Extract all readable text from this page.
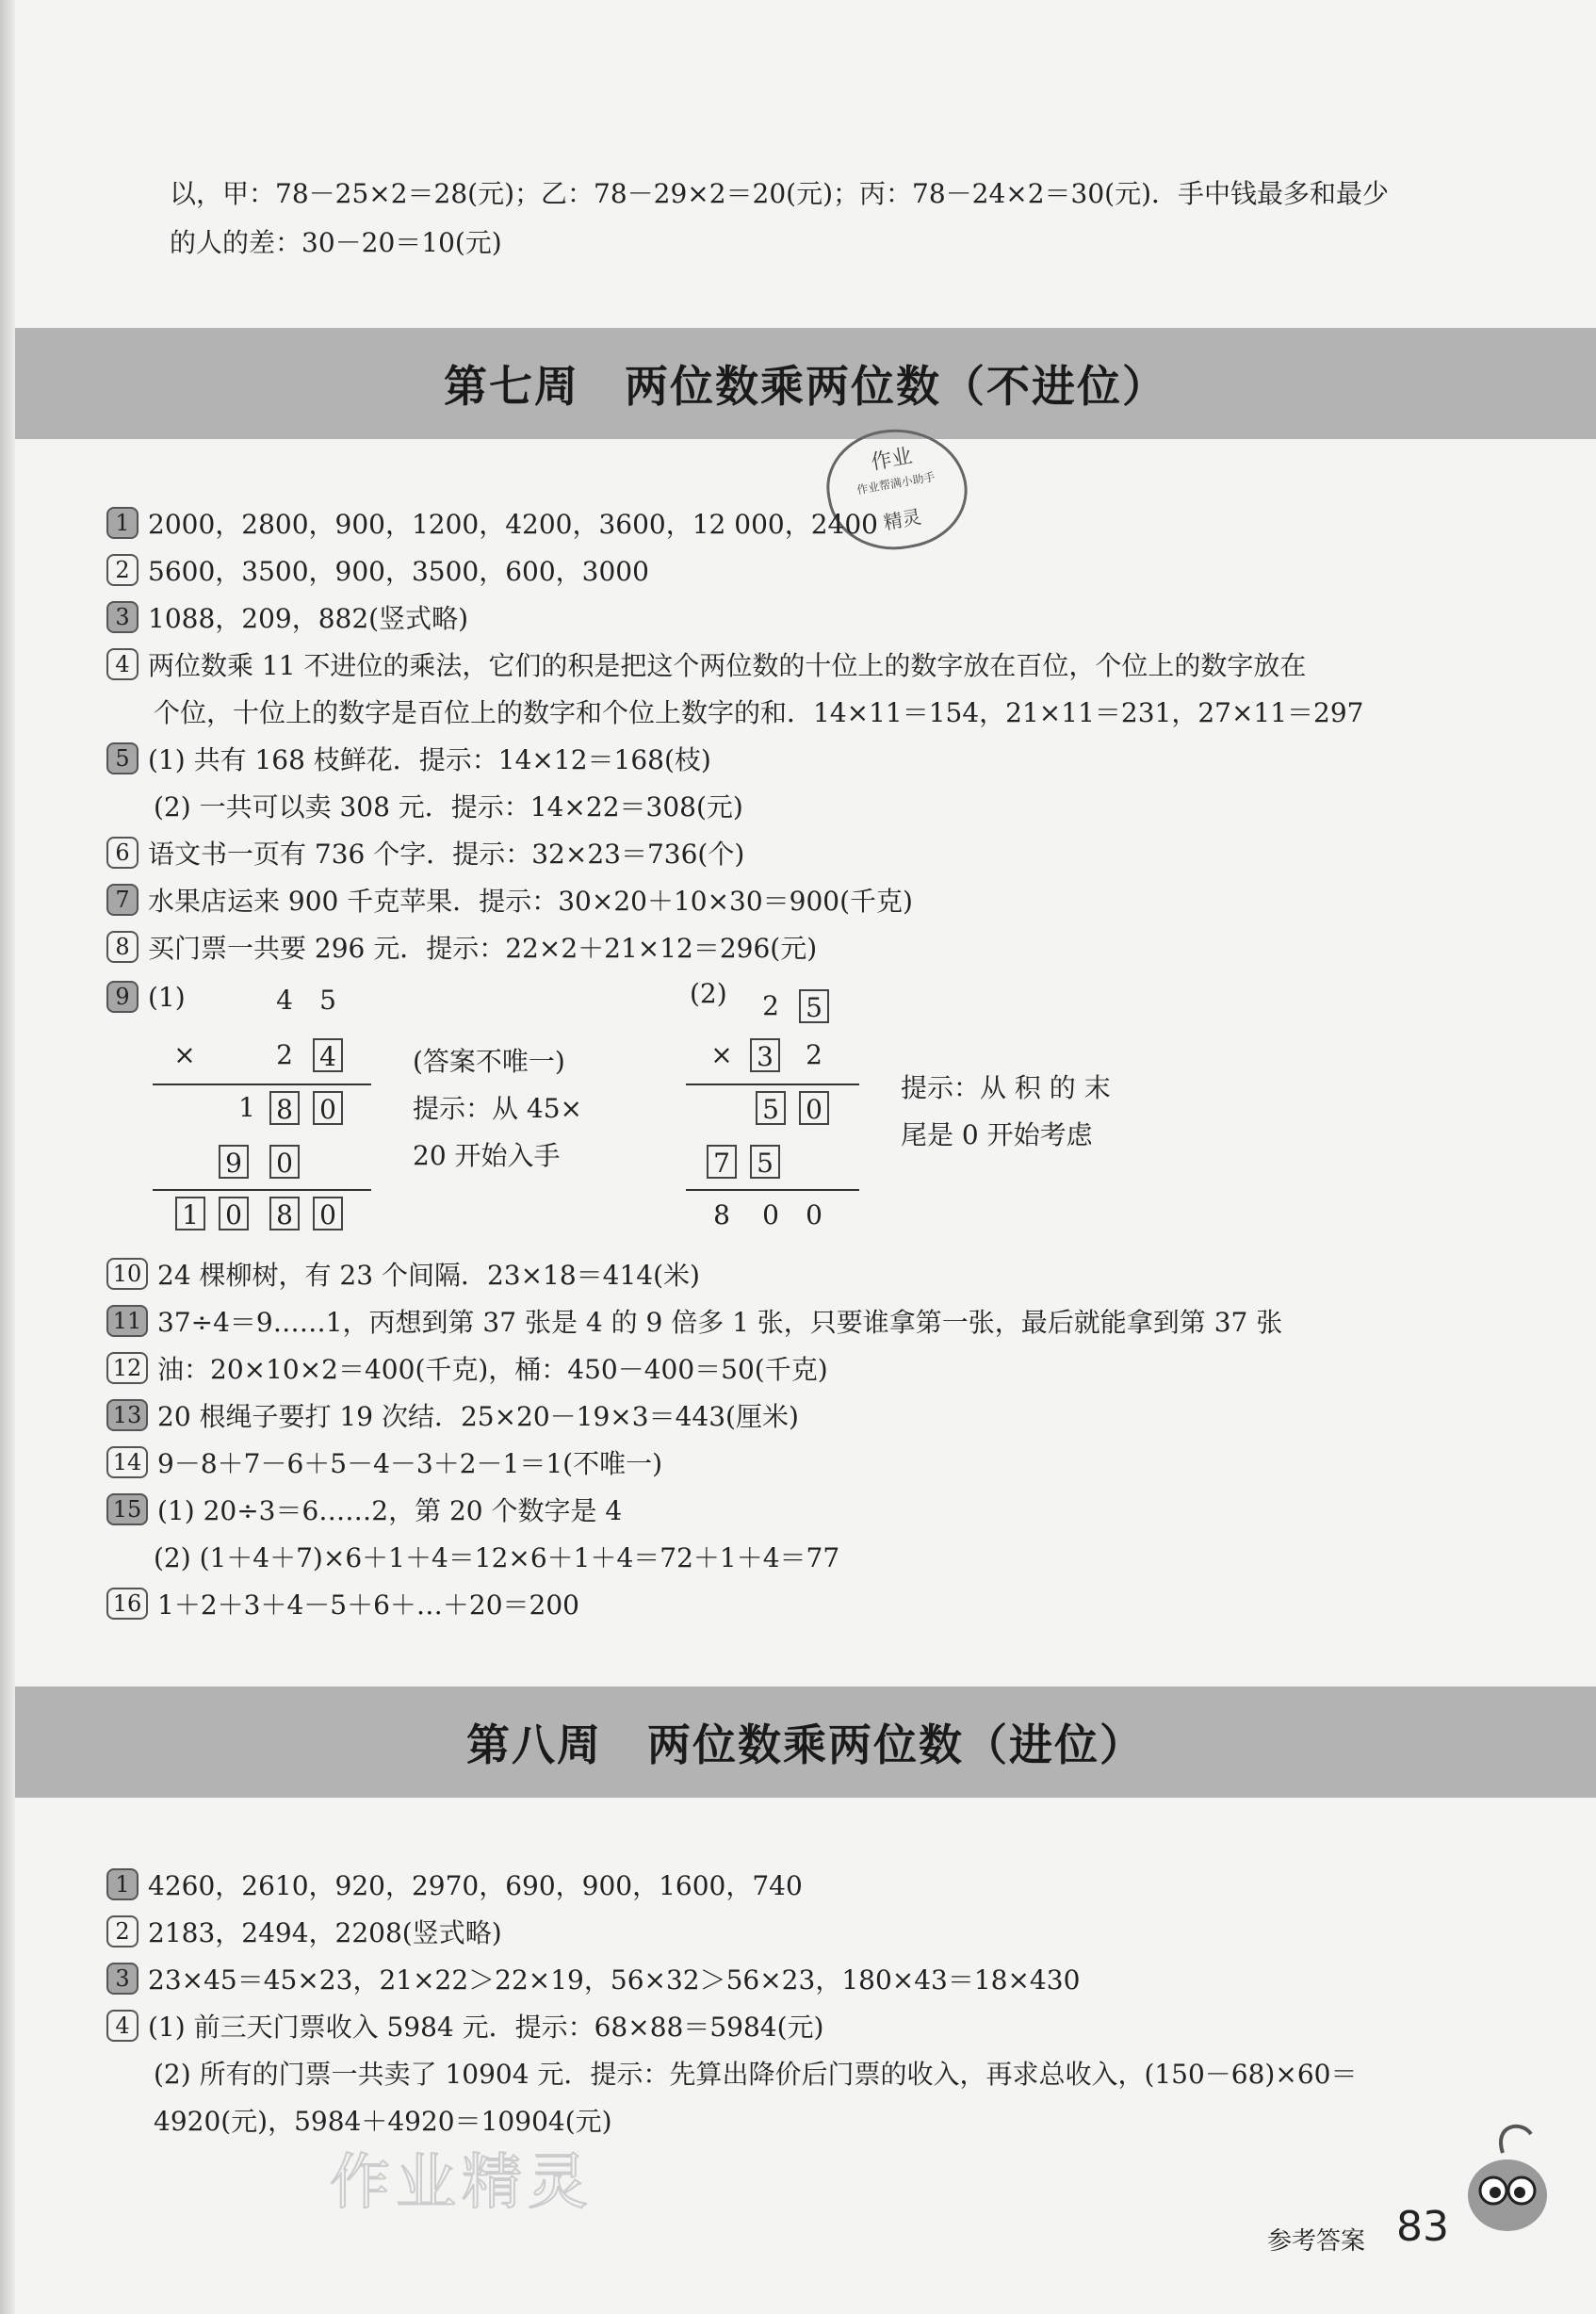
以，甲：78－25×2＝28(元)；乙：78－29×2＝20(元)；丙：78－24×2＝30(元)．手中钱最多和最少
的人的差：30－20＝10(元)
第七周　两位数乘两位数（不进位）
作业
作业帮满小助手
精灵
1 2000，2800，900，1200，4200，3600，12 000，2400
2 5600，3500，900，3500，600，3000
3 1088，209，882(竖式略)
4 两位数乘 11 不进位的乘法，它们的积是把这个两位数的十位上的数字放在百位，个位上的数字放在
个位，十位上的数字是百位上的数字和个位上数字的和．14×11＝154，21×11＝231，27×11＝297
5 (1) 共有 168 枝鲜花．提示：14×12＝168(枝)
(2) 一共可以卖 308 元．提示：14×22＝308(元)
6 语文书一页有 736 个字．提示：32×23＝736(个)
7 水果店运来 900 千克苹果．提示：30×20＋10×30＝900(千克)
8 买门票一共要 296 元．提示：22×2＋21×12＝296(元)
9 (1)	4 5
×	2 4
1 8 0
9 0
1 0 8 0
(答案不唯一)
提示：从 45×
20 开始入手
(2) 2 5
× 3 2
5 0
7 5
8 0 0
提示：从 积 的 末
尾是 0 开始考虑
10 24 棵柳树，有 23 个间隔．23×18＝414(米)
11 37÷4＝9……1，丙想到第 37 张是 4 的 9 倍多 1 张，只要谁拿第一张，最后就能拿到第 37 张
12 油：20×10×2＝400(千克)，桶：450－400＝50(千克)
13 20 根绳子要打 19 次结．25×20－19×3＝443(厘米)
14 9－8＋7－6＋5－4－3＋2－1＝1(不唯一)
15 (1) 20÷3＝6……2，第 20 个数字是 4
(2) (1＋4＋7)×6＋1＋4＝12×6＋1＋4＝72＋1＋4＝77
16 1＋2＋3＋4－5＋6＋…＋20＝200
第八周　两位数乘两位数（进位）
1 4260，2610，920，2970，690，900，1600，740
2 2183，2494，2208(竖式略)
3 23×45＝45×23，21×22＞22×19，56×32＞56×23，180×43＝18×430
4 (1) 前三天门票收入 5984 元．提示：68×88＝5984(元)
(2) 所有的门票一共卖了 10904 元．提示：先算出降价后门票的收入，再求总收入，(150－68)×60＝
4920(元)，5984＋4920＝10904(元)
作业精灵
参考答案 83
